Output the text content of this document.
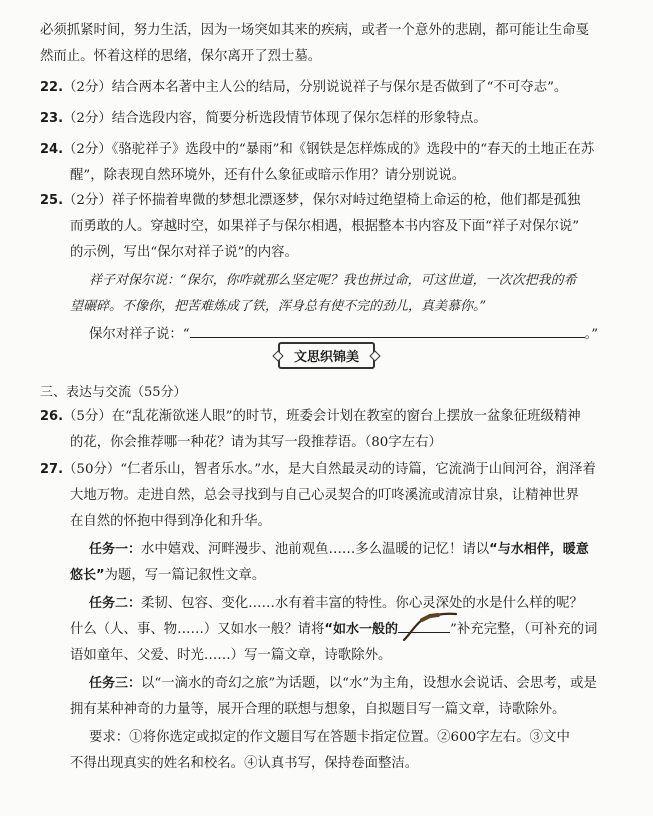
必须抓紧时间，努力生活，因为一场突如其来的疾病，或者一个意外的悲剧，都可能让生命戛
然而止。怀着这样的思绪，保尔离开了烈士墓。
22.（2分）结合两本名著中主人公的结局，分别说说祥子与保尔是否做到了“不可夺志”。
23.（2分）结合选段内容，简要分析选段情节体现了保尔怎样的形象特点。
24.（2分）《骆驼祥子》选段中的“暴雨”和《钢铁是怎样炼成的》选段中的“春天的土地正在苏
醒”，除表现自然环境外，还有什么象征或暗示作用？请分别说说。
25.（2分）祥子怀揣着卑微的梦想北漂逐梦，保尔对峙过绝望椅上命运的枪，他们都是孤独
而勇敢的人。穿越时空，如果祥子与保尔相遇，根据整本书内容及下面“祥子对保尔说”
的示例，写出“保尔对祥子说”的内容。
祥子对保尔说：“保尔，你咋就那么坚定呢？我也拼过命，可这世道，一次次把我的希
望碾碎。不像你，把苦难炼成了铁，浑身总有使不完的劲儿，真美慕你。”
保尔对祥子说：“	。”
文思织锦美
三、表达与交流（55分）
26.（5分）在“乱花渐欲迷人眼”的时节，班委会计划在教室的窗台上摆放一盆象征班级精神
的花，你会推荐哪一种花？请为其写一段推荐语。（80字左右）
27.（50分）“仁者乐山，智者乐水。”水，是大自然最灵动的诗篇，它流淌于山间河谷，润泽着
大地万物。走进自然，总会寻找到与自己心灵契合的叮咚溪流或清凉甘泉，让精神世界
在自然的怀抱中得到净化和升华。
任务一：水中嬉戏、河畔漫步、池前观鱼……多么温暖的记忆！请以“与水相伴，暖意
悠长”为题，写一篇记叙性文章。
任务二：柔韧、包容、变化……水有着丰富的特性。你心灵深处的水是什么样的呢？
什么（人、事、物……）又如水一般？请将“如水一般的	”补充完整，（可补充的词
语如童年、父爱、时光……）写一篇文章，诗歌除外。
任务三：以“一滴水的奇幻之旅”为话题，以“水”为主角，设想水会说话、会思考，或是
拥有某种神奇的力量等，展开合理的联想与想象，自拟题目写一篇文章，诗歌除外。
要求：①将你选定或拟定的作文题目写在答题卡指定位置。②600字左右。③文中
不得出现真实的姓名和校名。④认真书写，保持卷面整洁。
